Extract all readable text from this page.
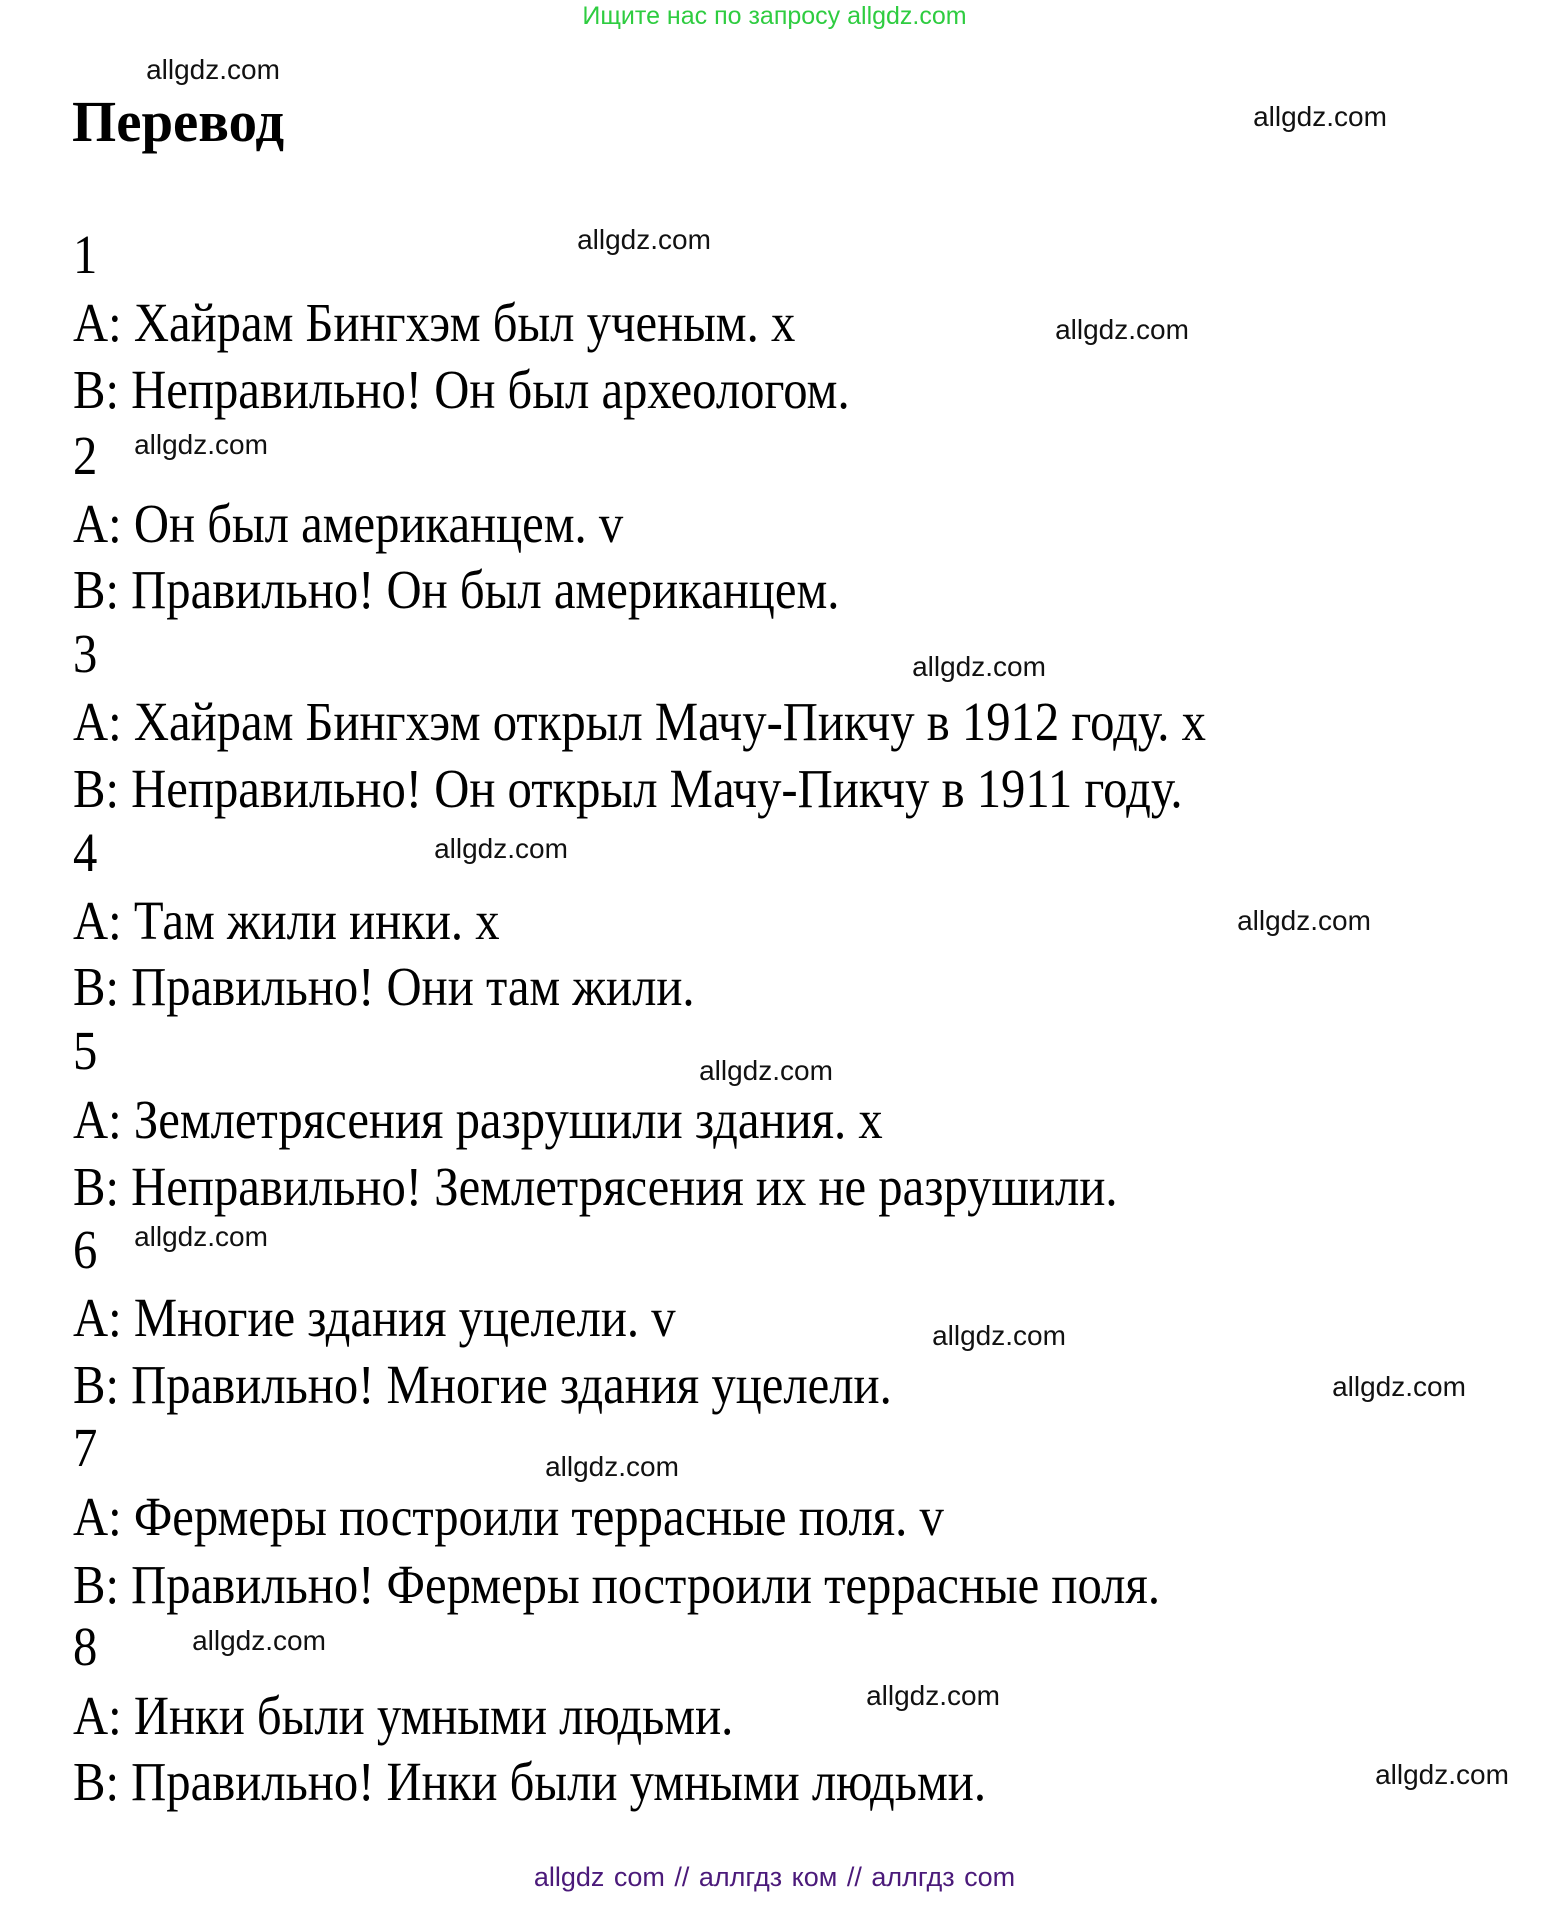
Ищите нас по запросу allgdz.com
allgdz.com
Перевод	allgdz.com
1	allgdz.com
A: Хайрам Бингхэм был ученым. x	allgdz.com
B: Неправильно! Он был археологом.
2 allgdz.com
A: Он был американцем. v
B: Правильно! Он был американцем.
3	allgdz.com
A: Хайрам Бингхэм открыл Мачу-Пикчу в 1912 году. x
B: Неправильно! Он открыл Мачу-Пикчу в 1911 году.
4	allgdz.com
A: Там жили инки. x	allgdz.com
B: Правильно! Они там жили.
5	allgdz.com
A: Землетрясения разрушили здания. x
B: Неправильно! Землетрясения их не разрушили.
6 allgdz.com
A: Многие здания уцелели. v	allgdz.com
B: Правильно! Многие здания уцелели.	allgdz.com
7	allgdz.com
A: Фермеры построили террасные поля. v
B: Правильно! Фермеры построили террасные поля.
8	allgdz.com
A: Инки были умными людьми.	allgdz.com
B: Правильно! Инки были умными людьми.	allgdz.com
allgdz com // аллгдз ком // аллгдз com
